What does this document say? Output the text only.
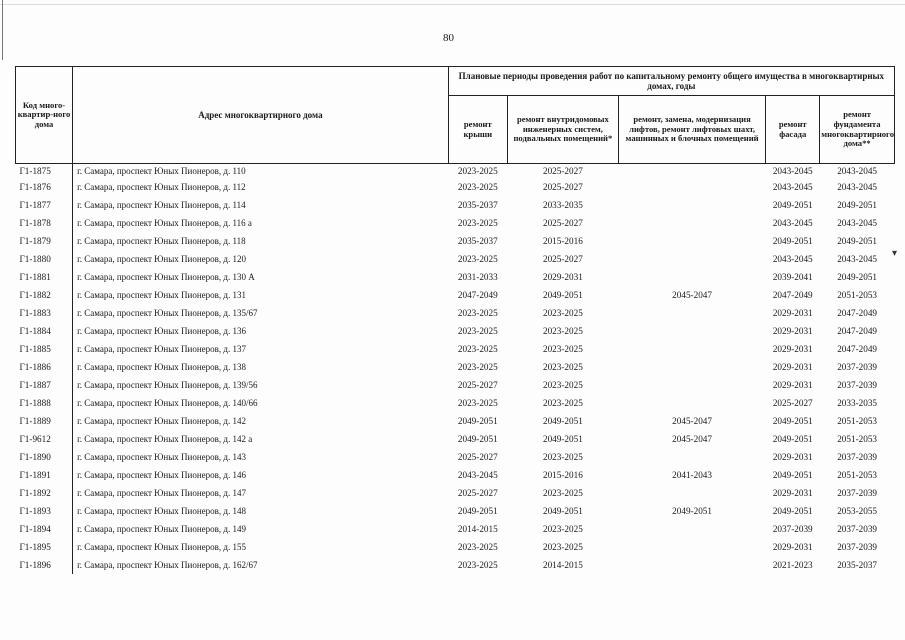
80
▾
Код много-квартир-ного дома	Адрес многоквартирного дома	Плановые периоды проведения работ по капитальному ремонту общего имущества в многоквартирных домах, годы				
		ремонт крыши	ремонт внутридомовых инженерных систем, подвальных помещений*	ремонт, замена, модернизация лифтов, ремонт лифтовых шахт, машинных и блочных помещений	ремонт фасада	ремонт фундамента многоквартирного дома**
Г1-1875	г. Самара, проспект Юных Пионеров, д. 110	2023-2025	2025-2027		2043-2045	2043-2045
Г1-1876	г. Самара, проспект Юных Пионеров, д. 112	2023-2025	2025-2027		2043-2045	2043-2045
Г1-1877	г. Самара, проспект Юных Пионеров, д. 114	2035-2037	2033-2035		2049-2051	2049-2051
Г1-1878	г. Самара, проспект Юных Пионеров, д. 116 а	2023-2025	2025-2027		2043-2045	2043-2045
Г1-1879	г. Самара, проспект Юных Пионеров, д. 118	2035-2037	2015-2016		2049-2051	2049-2051
Г1-1880	г. Самара, проспект Юных Пионеров, д. 120	2023-2025	2025-2027		2043-2045	2043-2045
Г1-1881	г. Самара, проспект Юных Пионеров, д. 130 А	2031-2033	2029-2031		2039-2041	2049-2051
Г1-1882	г. Самара, проспект Юных Пионеров, д. 131	2047-2049	2049-2051	2045-2047	2047-2049	2051-2053
Г1-1883	г. Самара, проспект Юных Пионеров, д. 135/67	2023-2025	2023-2025		2029-2031	2047-2049
Г1-1884	г. Самара, проспект Юных Пионеров, д. 136	2023-2025	2023-2025		2029-2031	2047-2049
Г1-1885	г. Самара, проспект Юных Пионеров, д. 137	2023-2025	2023-2025		2029-2031	2047-2049
Г1-1886	г. Самара, проспект Юных Пионеров, д. 138	2023-2025	2023-2025		2029-2031	2037-2039
Г1-1887	г. Самара, проспект Юных Пионеров, д. 139/56	2025-2027	2023-2025		2029-2031	2037-2039
Г1-1888	г. Самара, проспект Юных Пионеров, д. 140/66	2023-2025	2023-2025		2025-2027	2033-2035
Г1-1889	г. Самара, проспект Юных Пионеров, д. 142	2049-2051	2049-2051	2045-2047	2049-2051	2051-2053
Г1-9612	г. Самара, проспект Юных Пионеров, д. 142 а	2049-2051	2049-2051	2045-2047	2049-2051	2051-2053
Г1-1890	г. Самара, проспект Юных Пионеров, д. 143	2025-2027	2023-2025		2029-2031	2037-2039
Г1-1891	г. Самара, проспект Юных Пионеров, д. 146	2043-2045	2015-2016	2041-2043	2049-2051	2051-2053
Г1-1892	г. Самара, проспект Юных Пионеров, д. 147	2025-2027	2023-2025		2029-2031	2037-2039
Г1-1893	г. Самара, проспект Юных Пионеров, д. 148	2049-2051	2049-2051	2049-2051	2049-2051	2053-2055
Г1-1894	г. Самара, проспект Юных Пионеров, д. 149	2014-2015	2023-2025		2037-2039	2037-2039
Г1-1895	г. Самара, проспект Юных Пионеров, д. 155	2023-2025	2023-2025		2029-2031	2037-2039
Г1-1896	г. Самара, проспект Юных Пионеров, д. 162/67	2023-2025	2014-2015		2021-2023	2035-2037
